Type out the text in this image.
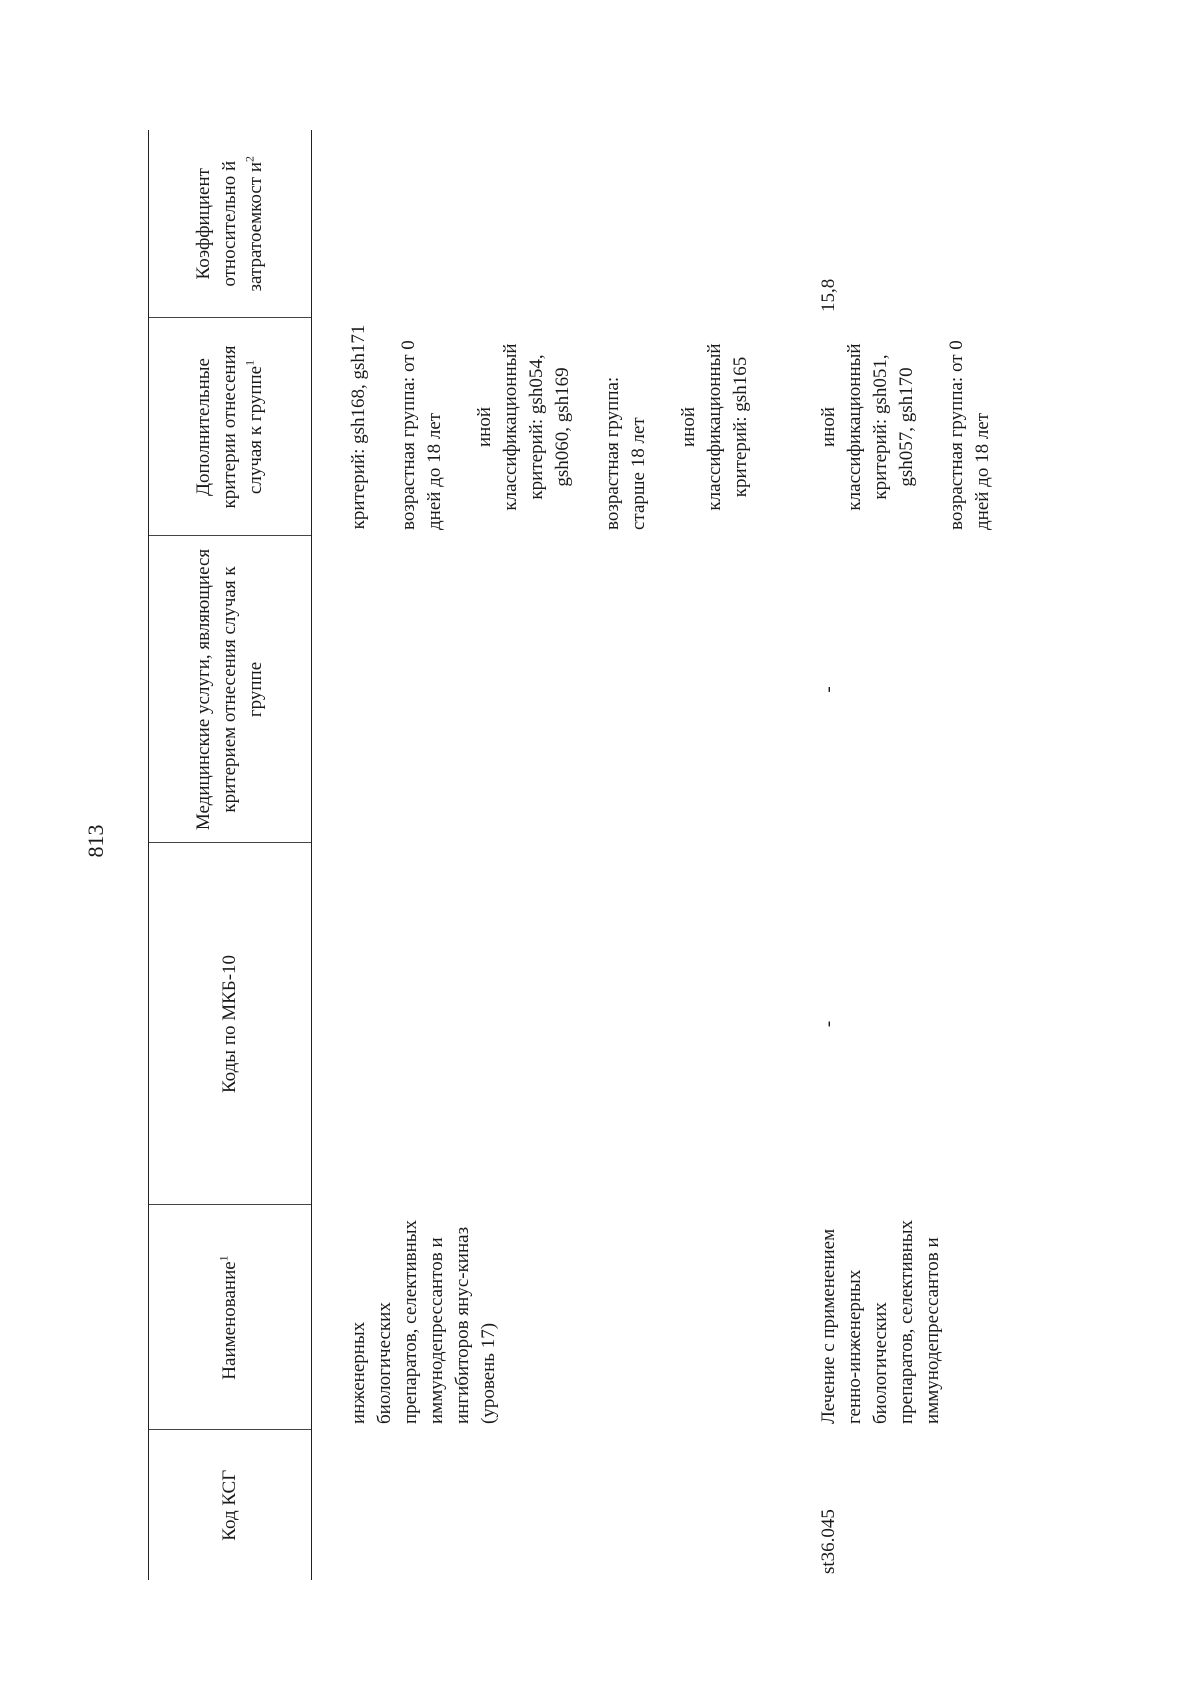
813
Код КСГ	Наименование$^1$	Коды по МКБ-10	Медицинские услуги, являющиеся критерием отнесения случая к группе	Дополнительные критерии отнесения случая к группе$^1$	Коэффициент относительно й затратоемкост $и^2$

	инженерных биологических препаратов, селективных иммунодепрессантов и ингибиторов янус-киназ (уровень 17)			критерий: gsh168, gsh171 возрастная группа: от 0 дней до 18 лет иной классификационный критерий: gsh054, gsh060, gsh169 возрастная группа: старше 18 лет иной классификационный критерий: gsh165	

st36.045	Лечение с применением генно-инженерных биологических препаратов, селективных иммунодепрессантов и	-	-	иной классификационный критерий: gsh051, gsh057, gsh170 возрастная группа: от 0 дней до 18 лет	15,8
